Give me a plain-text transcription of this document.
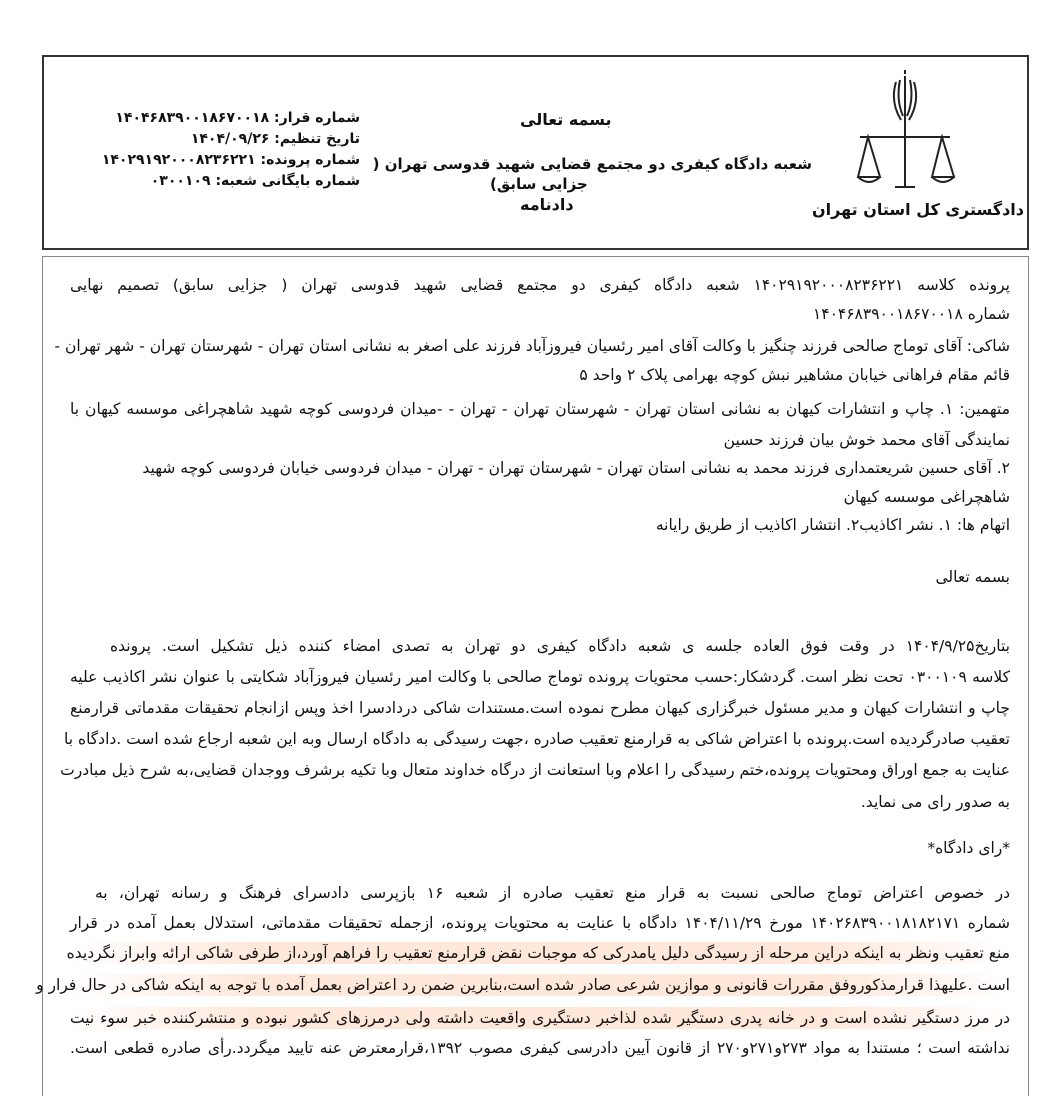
دادگستری کل استان تهران
بسمه تعالی
شعبه دادگاه کیفری دو مجتمع قضایی شهید قدوسی تهران (
جزایی سابق)
دادنامه
شماره قرار: ۱۴۰۴۶۸۳۹۰۰۱۸۶۷۰۰۱۸
تاریخ تنظیم: ۱۴۰۴/۰۹/۲۶
شماره پرونده: ۱۴۰۲۹۱۹۲۰۰۰۸۲۳۶۲۲۱
شماره بایگانی شعبه: ۰۳۰۰۱۰۹
پرونده کلاسه ۱۴۰۲۹۱۹۲۰۰۰۸۲۳۶۲۲۱ شعبه دادگاه کیفری دو مجتمع قضایی شهید قدوسی تهران ( جزایی سابق) تصمیم نهایی
شماره ۱۴۰۴۶۸۳۹۰۰۱۸۶۷۰۰۱۸
شاکی: آقای توماج صالحی فرزند چنگیز با وکالت آقای امیر رئسیان فیروزآباد فرزند علی اصغر به نشانی استان تهران - شهرستان تهران - شهر تهران -
قائم مقام فراهانی خیابان مشاهیر نبش کوچه بهرامی پلاک ۲ واحد ۵
متهمین: ۱. چاپ و انتشارات کیهان به نشانی استان تهران - شهرستان تهران - تهران - -میدان فردوسی کوچه شهید شاهچراغی موسسه کیهان با
نمایندگی آقای محمد خوش بیان فرزند حسین
۲. آقای حسین شریعتمداری فرزند محمد به نشانی استان تهران - شهرستان تهران - تهران - میدان فردوسی خیابان فردوسی کوچه شهید
شاهچراغی موسسه کیهان
اتهام ها: ۱. نشر اکاذیب۲. انتشار اکاذیب از طریق رایانه
بسمه تعالی
بتاریخ۱۴۰۴/۹/۲۵ در وقت فوق العاده جلسه ی شعبه دادگاه کیفری دو تهران به تصدی امضاء کننده ذیل تشکیل است. پرونده
کلاسه ۰۳۰۰۱۰۹ تحت نظر است. گردشکار:حسب محتویات پرونده توماج صالحی با وکالت امیر رئسیان فیروزآباد شکایتی با عنوان نشر اکاذیب علیه
چاپ و انتشارات کیهان و مدیر مسئول خبرگزاری کیهان مطرح نموده است.مستندات شاکی دردادسرا اخذ وپس ازانجام تحقیقات مقدماتی قرارمنع
تعقیب صادرگردیده است.پرونده با اعتراض شاکی به قرارمنع تعقیب صادره ،جهت رسیدگی به دادگاه ارسال وبه این شعبه ارجاع شده است .دادگاه با
عنایت به جمع اوراق ومحتویات پرونده،ختم رسیدگی را اعلام وبا استعانت از درگاه خداوند متعال وبا تکیه برشرف ووجدان قضایی،به شرح ذیل مبادرت
به صدور رای می نماید.
*رای دادگاه*
در خصوص اعتراض توماج صالحی نسبت به قرار منع تعقیب صادره از شعبه ۱۶ بازپرسی دادسرای فرهنگ و رسانه تهران، به
شماره ۱۴۰۲۶۸۳۹۰۰۱۸۱۸۲۱۷۱ مورخ ۱۴۰۴/۱۱/۲۹ دادگاه با عنایت به محتویات پرونده، ازجمله تحقیقات مقدماتی، استدلال بعمل آمده در قرار
منع تعقیب ونظر به اینکه دراین مرحله از رسیدگی دلیل یامدرکی که موجبات نقض قرارمنع تعقیب را فراهم آورد،از طرفی شاکی ارائه وابراز نگردیده
است .علیهذا قرارمذکوروفق مقررات قانونی و موازین شرعی صادر شده است،بنابرین ضمن رد اعتراض بعمل آمده با توجه به اینکه شاکی در حال فرار و
در مرز دستگیر نشده است و در خانه پدری دستگیر شده لذاخبر دستگیری واقعیت داشته ولی درمرزهای کشور نبوده و منتشرکننده خبر سوء نیت
نداشته است ؛ مستندا به مواد ۲۷۳و۲۷۱و۲۷۰ از قانون آیین دادرسی کیفری مصوب ۱۳۹۲،قرارمعترض عنه تایید میگردد.رأی صادره قطعی است.
